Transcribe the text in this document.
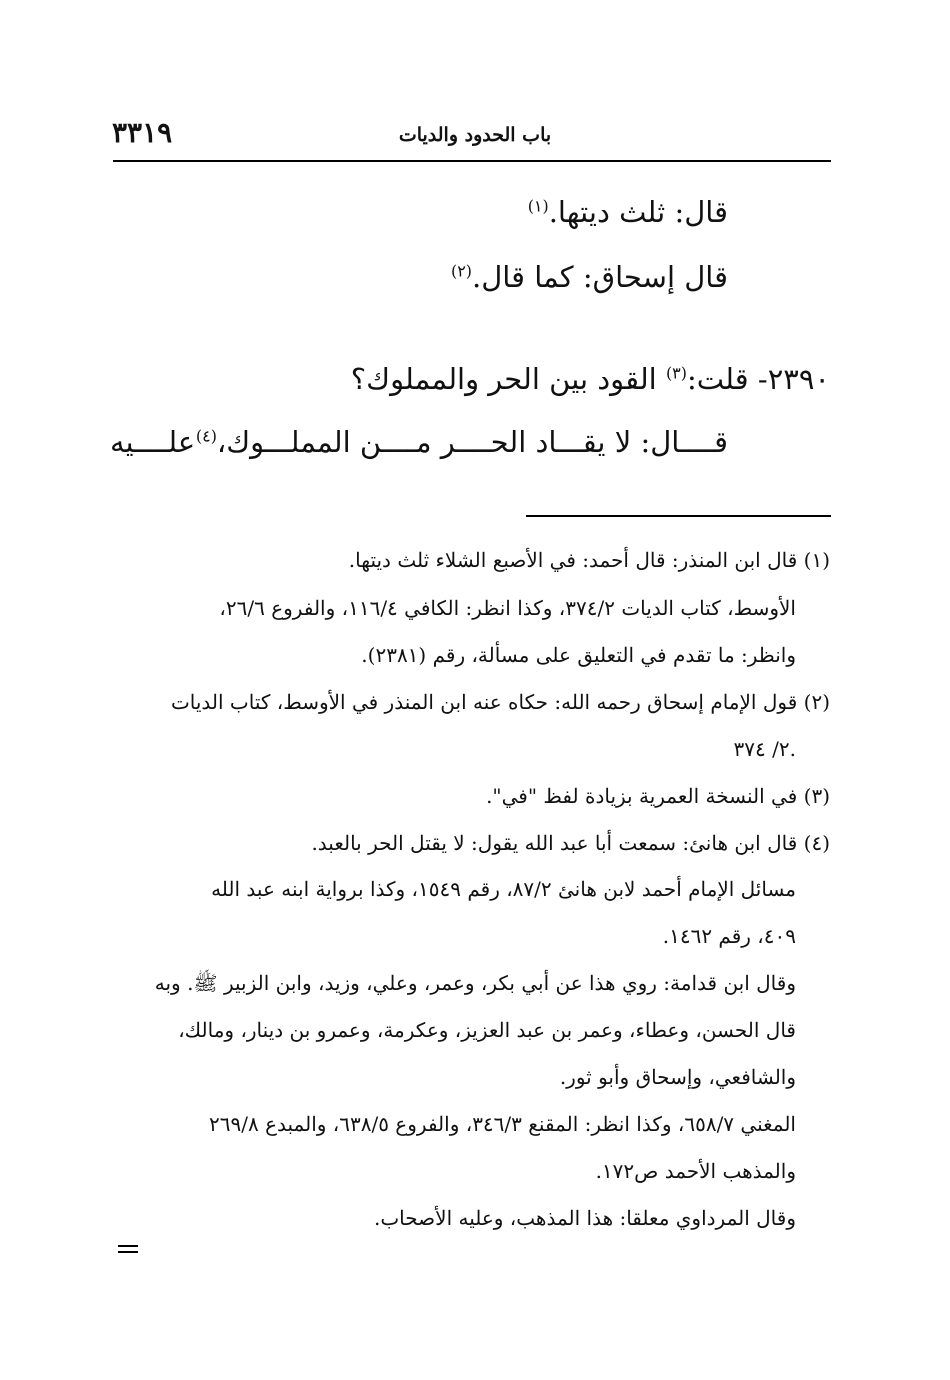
باب الحدود والديات
٣٣١٩
قال: ثلث ديتها.$^{(١)}$
قال إسحاق: كما قال.$^{(٢)}$
٢٣٩٠- قلت:$^{(٣)}$ القود بين الحر والمملوك؟
قــــال: لا يقـــاد الحــــر مــــن المملـــوك،$^{(٤)}$
علــــيه
(١) قال ابن المنذر: قال أحمد: في الأصبع الشلاء ثلث ديتها.
الأوسط، كتاب الديات ٣٧٤/٢، وكذا انظر: الكافي ١١٦/٤، والفروع ٢٦/٦،
وانظر: ما تقدم في التعليق على مسألة، رقم (٢٣٨١).
(٢) قول الإمام إسحاق رحمه الله: حكاه عنه ابن المنذر في الأوسط، كتاب الديات
٢/ ٣٧٤.
(٣) في النسخة العمرية بزيادة لفظ "في".
(٤) قال ابن هانئ: سمعت أبا عبد الله يقول: لا يقتل الحر بالعبد.
مسائل الإمام أحمد لابن هانئ ٨٧/٢، رقم ١٥٤٩، وكذا برواية ابنه عبد الله
٤٠٩، رقم ١٤٦٢.
وقال ابن قدامة: روي هذا عن أبي بكر، وعمر، وعلي، وزيد، وابن الزبير ﷺ. وبه
قال الحسن، وعطاء، وعمر بن عبد العزيز، وعكرمة، وعمرو بن دينار، ومالك،
والشافعي، وإسحاق وأبو ثور.
المغني ٦٥٨/٧، وكذا انظر: المقنع ٣٤٦/٣، والفروع ٦٣٨/٥، والمبدع ٢٦٩/٨
والمذهب الأحمد ص١٧٢.
وقال المرداوي معلقا: هذا المذهب، وعليه الأصحاب.
